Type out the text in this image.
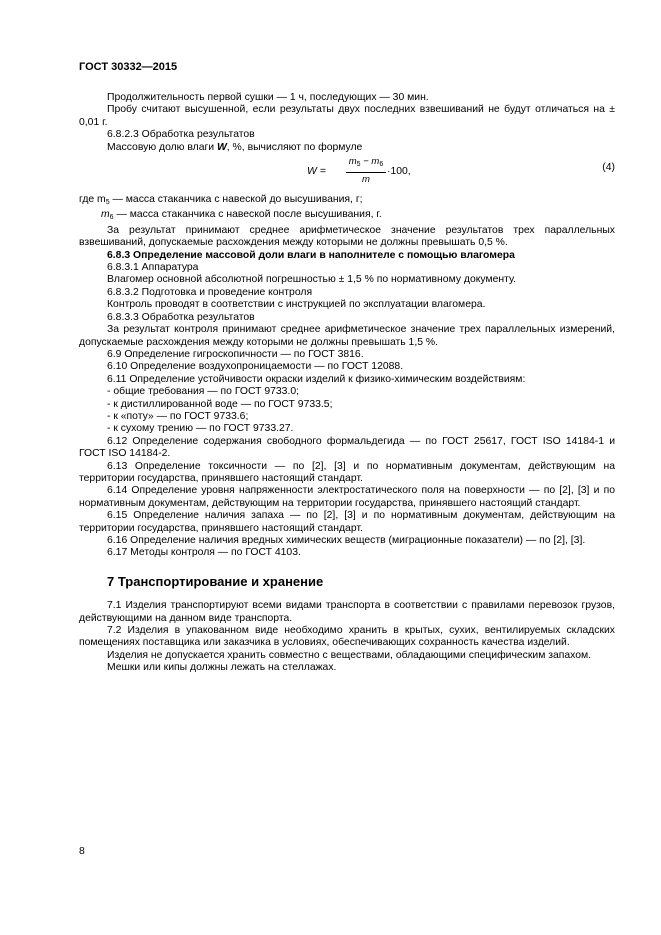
ГОСТ 30332—2015

Продолжительность первой сушки — 1 ч, последующих — 30 мин.

Пробу считают высушенной, если результаты двух последних взвешиваний не будут отличаться на ± 0,01 г.

6.8.2.3 Обработка результатов

Массовую долю влаги W, %, вычисляют по формуле

$W = \frac{m_5 - m_6}{m} \cdot 100$,	(4)

где $m_5$ — масса стаканчика с навеской до высушивания, г;

$m_6$ — масса стаканчика с навеской после высушивания, г.

За результат принимают среднее арифметическое значение результатов трех параллельных взвешиваний, допускаемые расхождения между которыми не должны превышать 0,5 %.

6.8.3 Определение массовой доли влаги в наполнителе с помощью влагомера

6.8.3.1 Аппаратура

Влагомер основной абсолютной погрешностью ± 1,5 % по нормативному документу.

6.8.3.2 Подготовка и проведение контроля

Контроль проводят в соответствии с инструкцией по эксплуатации влагомера.

6.8.3.3 Обработка результатов

За результат контроля принимают среднее арифметическое значение трех параллельных измерений, допускаемые расхождения между которыми не должны превышать 1,5 %.

6.9 Определение гигроскопичности — по ГОСТ 3816.

6.10 Определение воздухопроницаемости — по ГОСТ 12088.

6.11 Определение устойчивости окраски изделий к физико-химическим воздействиям:

- общие требования — по ГОСТ 9733.0;

- к дистиллированной воде — по ГОСТ 9733.5;

- к «поту» — по ГОСТ 9733.6;

- к сухому трению — по ГОСТ 9733.27.

6.12 Определение содержания свободного формальдегида — по ГОСТ 25617, ГОСТ ISO 14184-1 и ГОСТ ISO 14184-2.

6.13 Определение токсичности — по [2], [3] и по нормативным документам, действующим на территории государства, принявшего настоящий стандарт.

6.14 Определение уровня напряженности электростатического поля на поверхности — по [2], [3] и по нормативным документам, действующим на территории государства, принявшего настоящий стандарт.

6.15 Определение наличия запаха — по [2], [3] и по нормативным документам, действующим на территории государства, принявшего настоящий стандарт.

6.16 Определение наличия вредных химических веществ (миграционные показатели) — по [2], [3].

6.17 Методы контроля — по ГОСТ 4103.

7 Транспортирование и хранение

7.1 Изделия транспортируют всеми видами транспорта в соответствии с правилами перевозок грузов, действующими на данном виде транспорта.

7.2 Изделия в упакованном виде необходимо хранить в крытых, сухих, вентилируемых складских помещениях поставщика или заказчика в условиях, обеспечивающих сохранность качества изделий.

Изделия не допускается хранить совместно с веществами, обладающими специфическим запахом.

Мешки или кипы должны лежать на стеллажах.

8
